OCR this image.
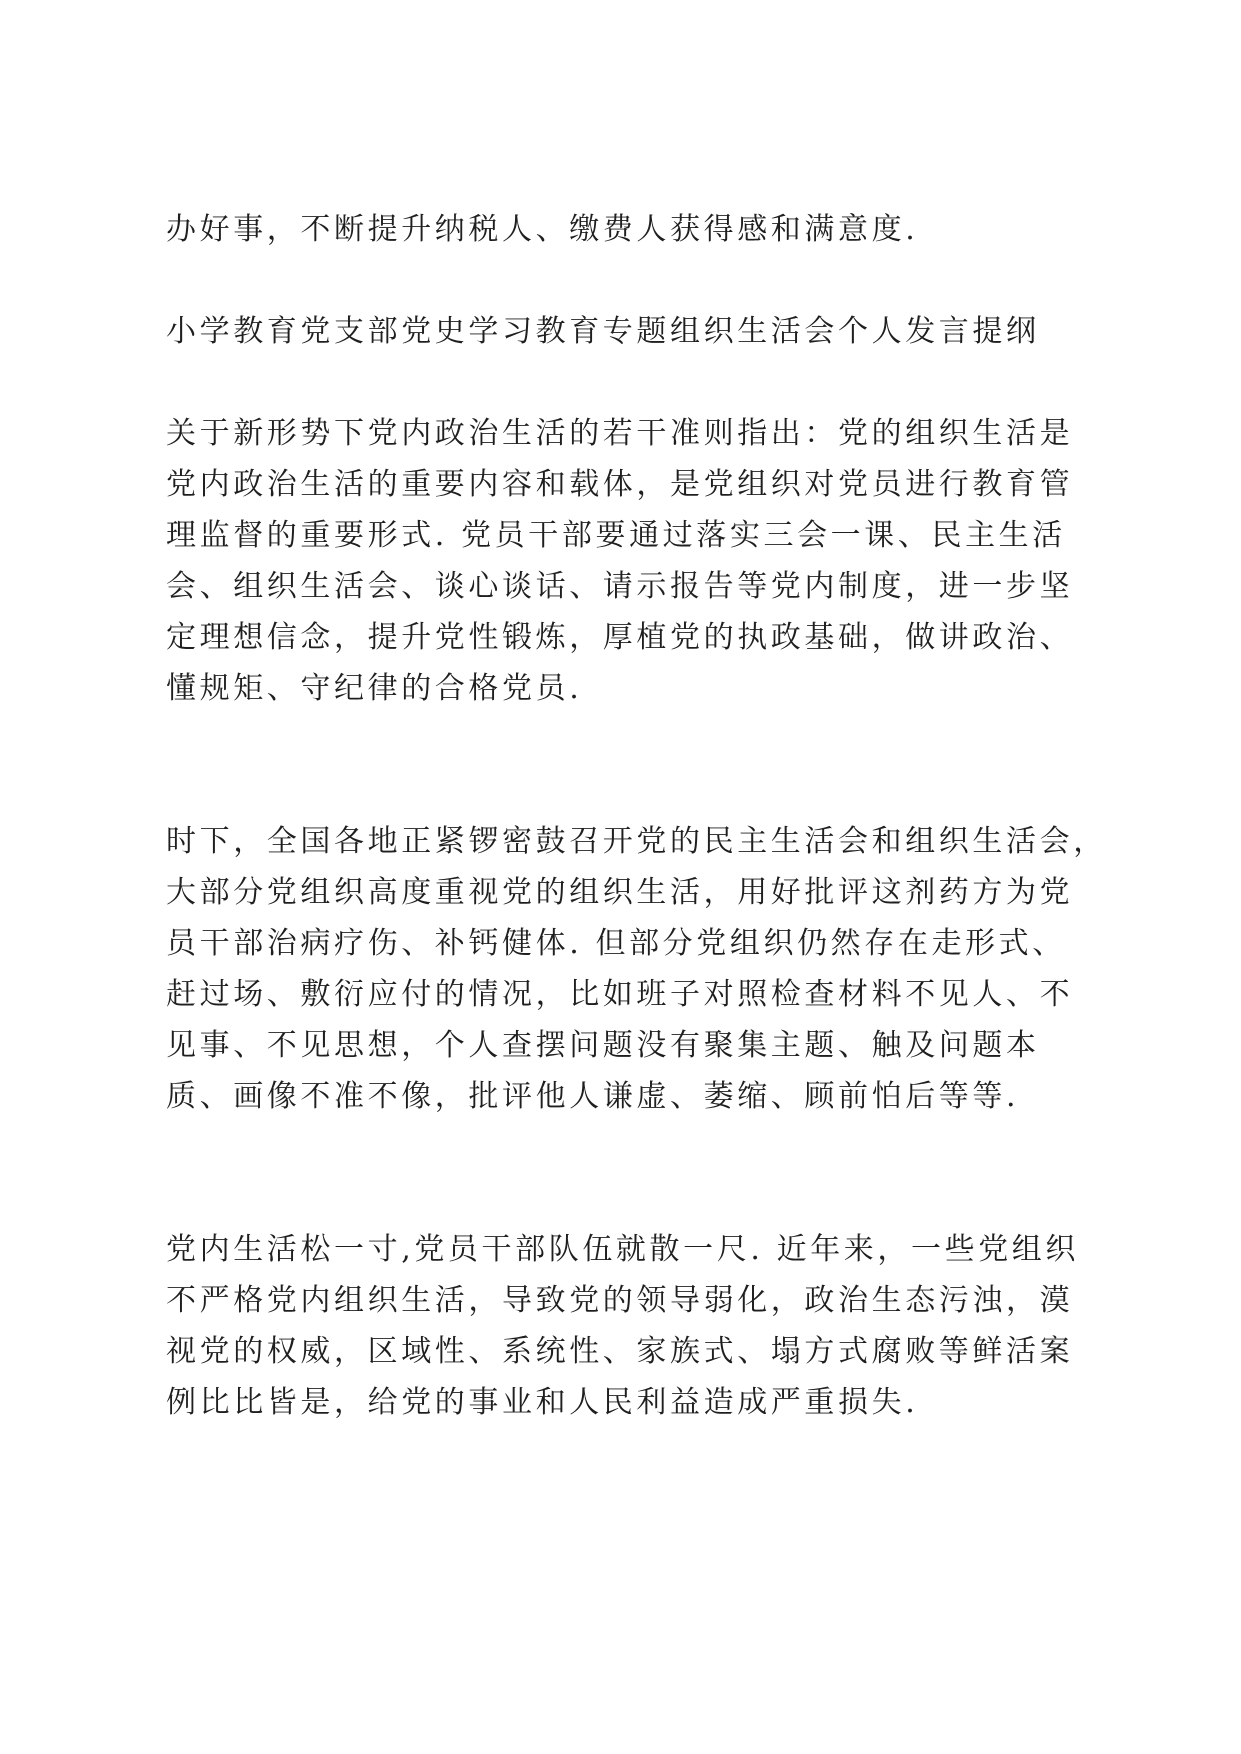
办好事，不断提升纳税人、缴费人获得感和满意度.

小学教育党支部党史学习教育专题组织生活会个人发言提纲

关于新形势下党内政治生活的若干准则指出：党的组织生活是
党内政治生活的重要内容和载体，是党组织对党员进行教育管
理监督的重要形式. 党员干部要通过落实三会一课、民主生活
会、组织生活会、谈心谈话、请示报告等党内制度，进一步坚
定理想信念，提升党性锻炼，厚植党的执政基础，做讲政治、
懂规矩、守纪律的合格党员.

时下，全国各地正紧锣密鼓召开党的民主生活会和组织生活会，
大部分党组织高度重视党的组织生活，用好批评这剂药方为党
员干部治病疗伤、补钙健体. 但部分党组织仍然存在走形式、
赶过场、敷衍应付的情况，比如班子对照检查材料不见人、不
见事、不见思想，个人查摆问题没有聚集主题、触及问题本
质、画像不准不像，批评他人谦虚、萎缩、顾前怕后等等.

党内生活松一寸,党员干部队伍就散一尺. 近年来，一些党组织
不严格党内组织生活，导致党的领导弱化，政治生态污浊，漠
视党的权威，区域性、系统性、家族式、塌方式腐败等鲜活案
例比比皆是，给党的事业和人民利益造成严重损失.
